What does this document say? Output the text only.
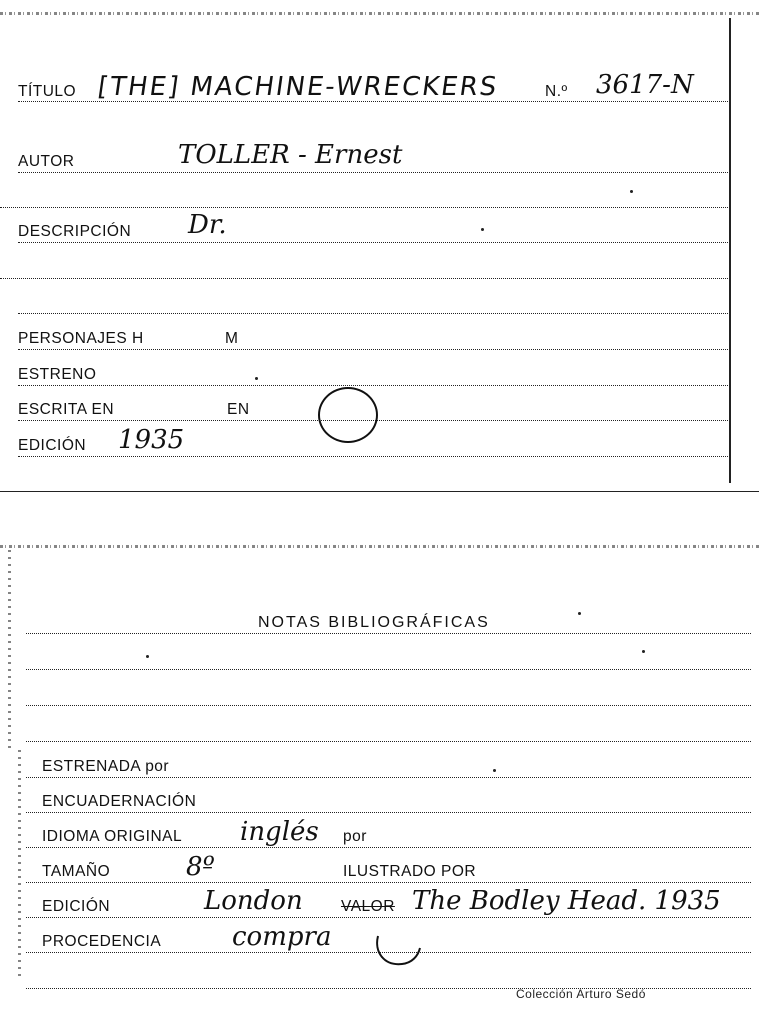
TÍTULO [THE] MACHINE-WRECKERS	N.º 3617-N
AUTOR	TOLLER - Ernest
DESCRIPCIÓN Dr.
PERSONAJES H	M
ESTRENO
ESCRITA EN	EN
EDICIÓN 1935
NOTAS BIBLIOGRÁFICAS
ESTRENADA por
ENCUADERNACIÓN
IDIOMA ORIGINAL inglés por
TAMAÑO	8º	ILUSTRADO POR
EDICIÓN	London VALOR The Bodley Head. 1935
PROCEDENCIA	compra
Colección Arturo Sedó
